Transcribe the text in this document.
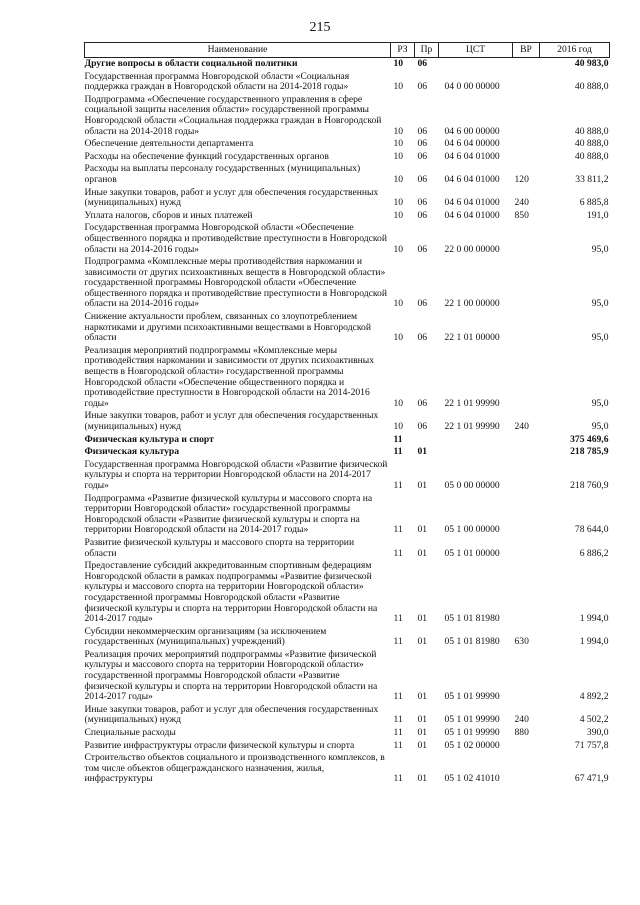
215
Наименование	РЗ	Пр	ЦСТ	ВР	2016 год
Другие вопросы в области социальной политики	10	06			40 983,0
Государственная программа Новгородской области «Социальная поддержка граждан в Новгородской области на 2014-2018 годы»	10	06	04 0 00 00000		40 888,0
Подпрограмма «Обеспечение государственного управления в сфере социальной защиты населения области» государственной программы Новгородской области «Социальная поддержка граждан в Новгородской области на 2014-2018 годы»	10	06	04 6 00 00000		40 888,0
Обеспечение деятельности департамента	10	06	04 6 04 00000		40 888,0
Расходы на обеспечение функций государственных органов	10	06	04 6 04 01000		40 888,0
Расходы на выплаты персоналу государственных (муниципальных) органов	10	06	04 6 04 01000	120	33 811,2
Иные закупки товаров, работ и услуг для обеспечения государственных (муниципальных) нужд	10	06	04 6 04 01000	240	6 885,8
Уплата налогов, сборов и иных платежей	10	06	04 6 04 01000	850	191,0
Государственная программа Новгородской области «Обеспечение общественного порядка и противодействие преступности в Новгородской области на 2014-2016 годы»	10	06	22 0 00 00000		95,0
Подпрограмма «Комплексные меры противодействия наркомании и зависимости от других психоактивных веществ в Новгородской области» государственной программы Новгородской области «Обеспечение общественного порядка и противодействие преступности в Новгородской области на 2014-2016 годы»	10	06	22 1 00 00000		95,0
Снижение актуальности проблем, связанных со злоупотреблением наркотиками и другими психоактивными веществами в Новгородской области	10	06	22 1 01 00000		95,0
Реализация мероприятий подпрограммы «Комплексные меры противодействия наркомании и зависимости от других психоактивных веществ в Новгородской области» государственной программы Новгородской области «Обеспечение общественного порядка и противодействие преступности в Новгородской области на 2014-2016 годы»	10	06	22 1 01 99990		95,0
Иные закупки товаров, работ и услуг для обеспечения государственных (муниципальных) нужд	10	06	22 1 01 99990	240	95,0
Физическая культура и спорт	11				375 469,6
Физическая культура	11	01			218 785,9
Государственная программа Новгородской области «Развитие физической культуры и спорта на территории Новгородской области на 2014-2017 годы»	11	01	05 0 00 00000		218 760,9
Подпрограмма «Развитие физической культуры и массового спорта на территории Новгородской области» государственной программы Новгородской области «Развитие физической культуры и спорта на территории Новгородской области на 2014-2017 годы»	11	01	05 1 00 00000		78 644,0
Развитие физической культуры и массового спорта на территории области	11	01	05 1 01 00000		6 886,2
Предоставление субсидий аккредитованным спортивным федерациям Новгородской области в рамках подпрограммы «Развитие физической культуры и массового спорта на территории Новгородской области» государственной программы Новгородской области «Развитие физической культуры и спорта на территории Новгородской области на 2014-2017 годы»	11	01	05 1 01 81980		1 994,0
Субсидии некоммерческим организациям (за исключением государственных (муниципальных) учреждений)	11	01	05 1 01 81980	630	1 994,0
Реализация прочих мероприятий подпрограммы «Развитие физической культуры и массового спорта на территории Новгородской области» государственной программы Новгородской области «Развитие физической культуры и спорта на территории Новгородской области на 2014-2017 годы»	11	01	05 1 01 99990		4 892,2
Иные закупки товаров, работ и услуг для обеспечения государственных (муниципальных) нужд	11	01	05 1 01 99990	240	4 502,2
Специальные расходы	11	01	05 1 01 99990	880	390,0
Развитие инфраструктуры отрасли физической культуры и спорта	11	01	05 1 02 00000		71 757,8
Строительство объектов социального и производственного комплексов, в том числе объектов общегражданского назначения, жилья, инфраструктуры	11	01	05 1 02 41010		67 471,9
